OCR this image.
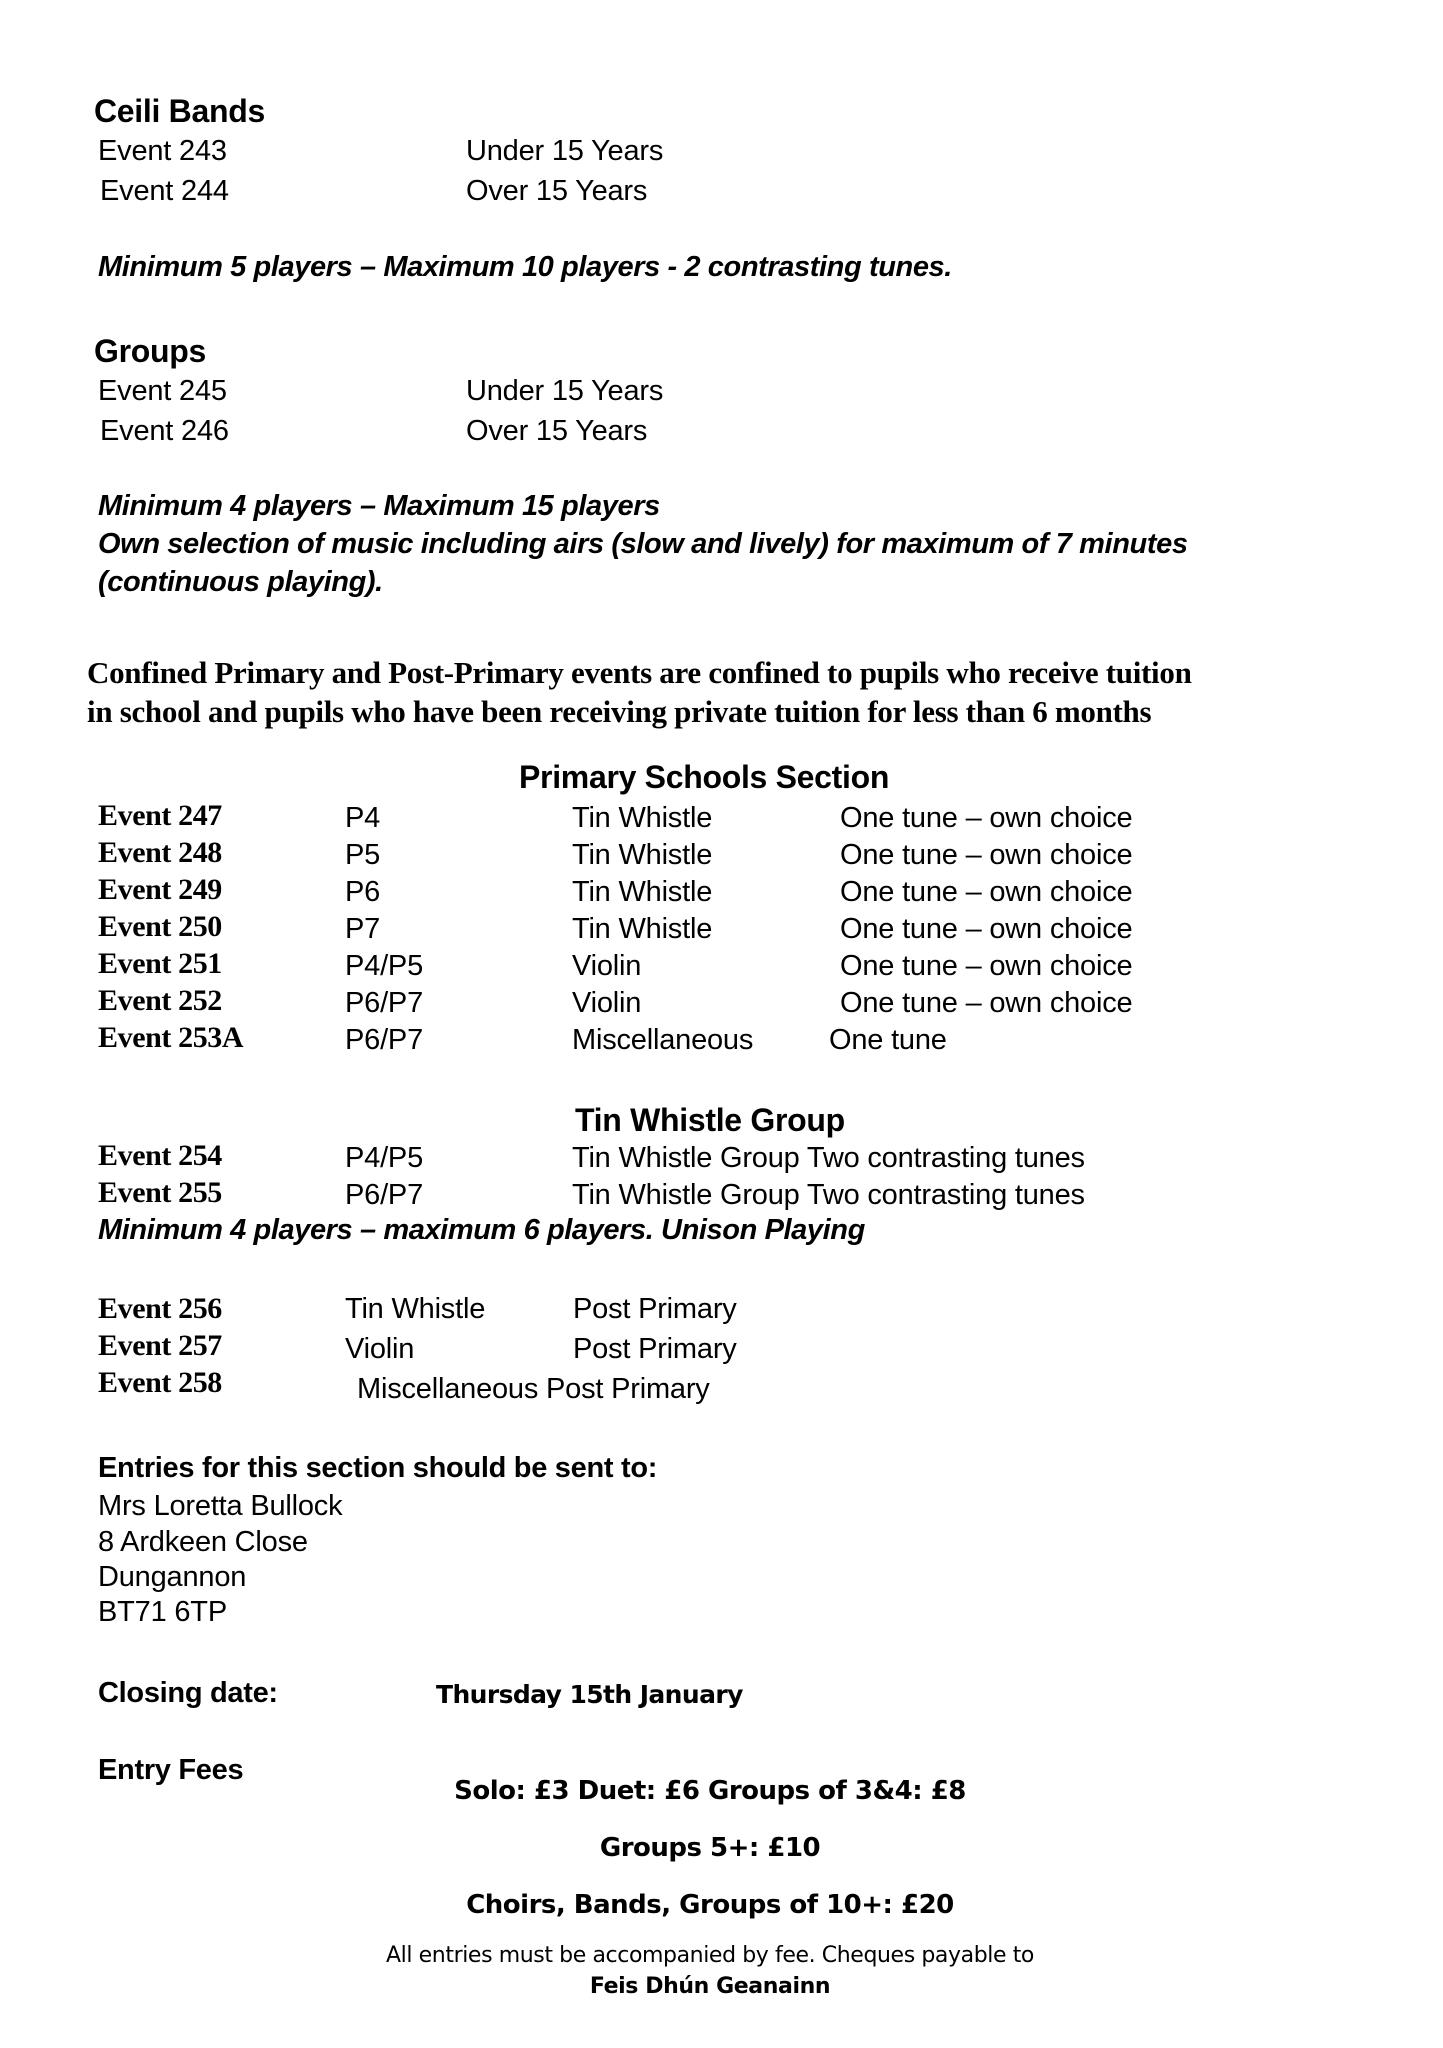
Ceili Bands
Event 243	Under 15 Years
Event 244	Over 15 Years
Minimum 5 players – Maximum 10 players - 2 contrasting tunes.
Groups
Event 245	Under 15 Years
Event 246	Over 15 Years
Minimum 4 players – Maximum 15 players
Own selection of music including airs (slow and lively) for maximum of 7 minutes
(continuous playing).
Confined Primary and Post-Primary events are confined to pupils who receive tuition
in school and pupils who have been receiving private tuition for less than 6 months
Primary Schools Section
Event 247	P4	Tin Whistle	One tune – own choice
Event 248	P5	Tin Whistle	One tune – own choice
Event 249	P6	Tin Whistle	One tune – own choice
Event 250	P7	Tin Whistle	One tune – own choice
Event 251	P4/P5	Violin	One tune – own choice
Event 252	P6/P7	Violin	One tune – own choice
Event 253A	P6/P7	Miscellaneous	One tune
Tin Whistle Group
Event 254	P4/P5	Tin Whistle Group Two contrasting tunes
Event 255	P6/P7	Tin Whistle Group Two contrasting tunes
Minimum 4 players – maximum 6 players. Unison Playing
Event 256	Tin Whistle	Post Primary
Event 257	Violin	Post Primary
Event 258	Miscellaneous Post Primary
Entries for this section should be sent to:
Mrs Loretta Bullock
8 Ardkeen Close
Dungannon
BT71 6TP
Closing date:	Thursday 15th January
Entry Fees
Solo: £3 Duet: £6 Groups of 3&4: £8
Groups 5+: £10
Choirs, Bands, Groups of 10+: £20
All entries must be accompanied by fee. Cheques payable to
Feis Dhún Geanainn
